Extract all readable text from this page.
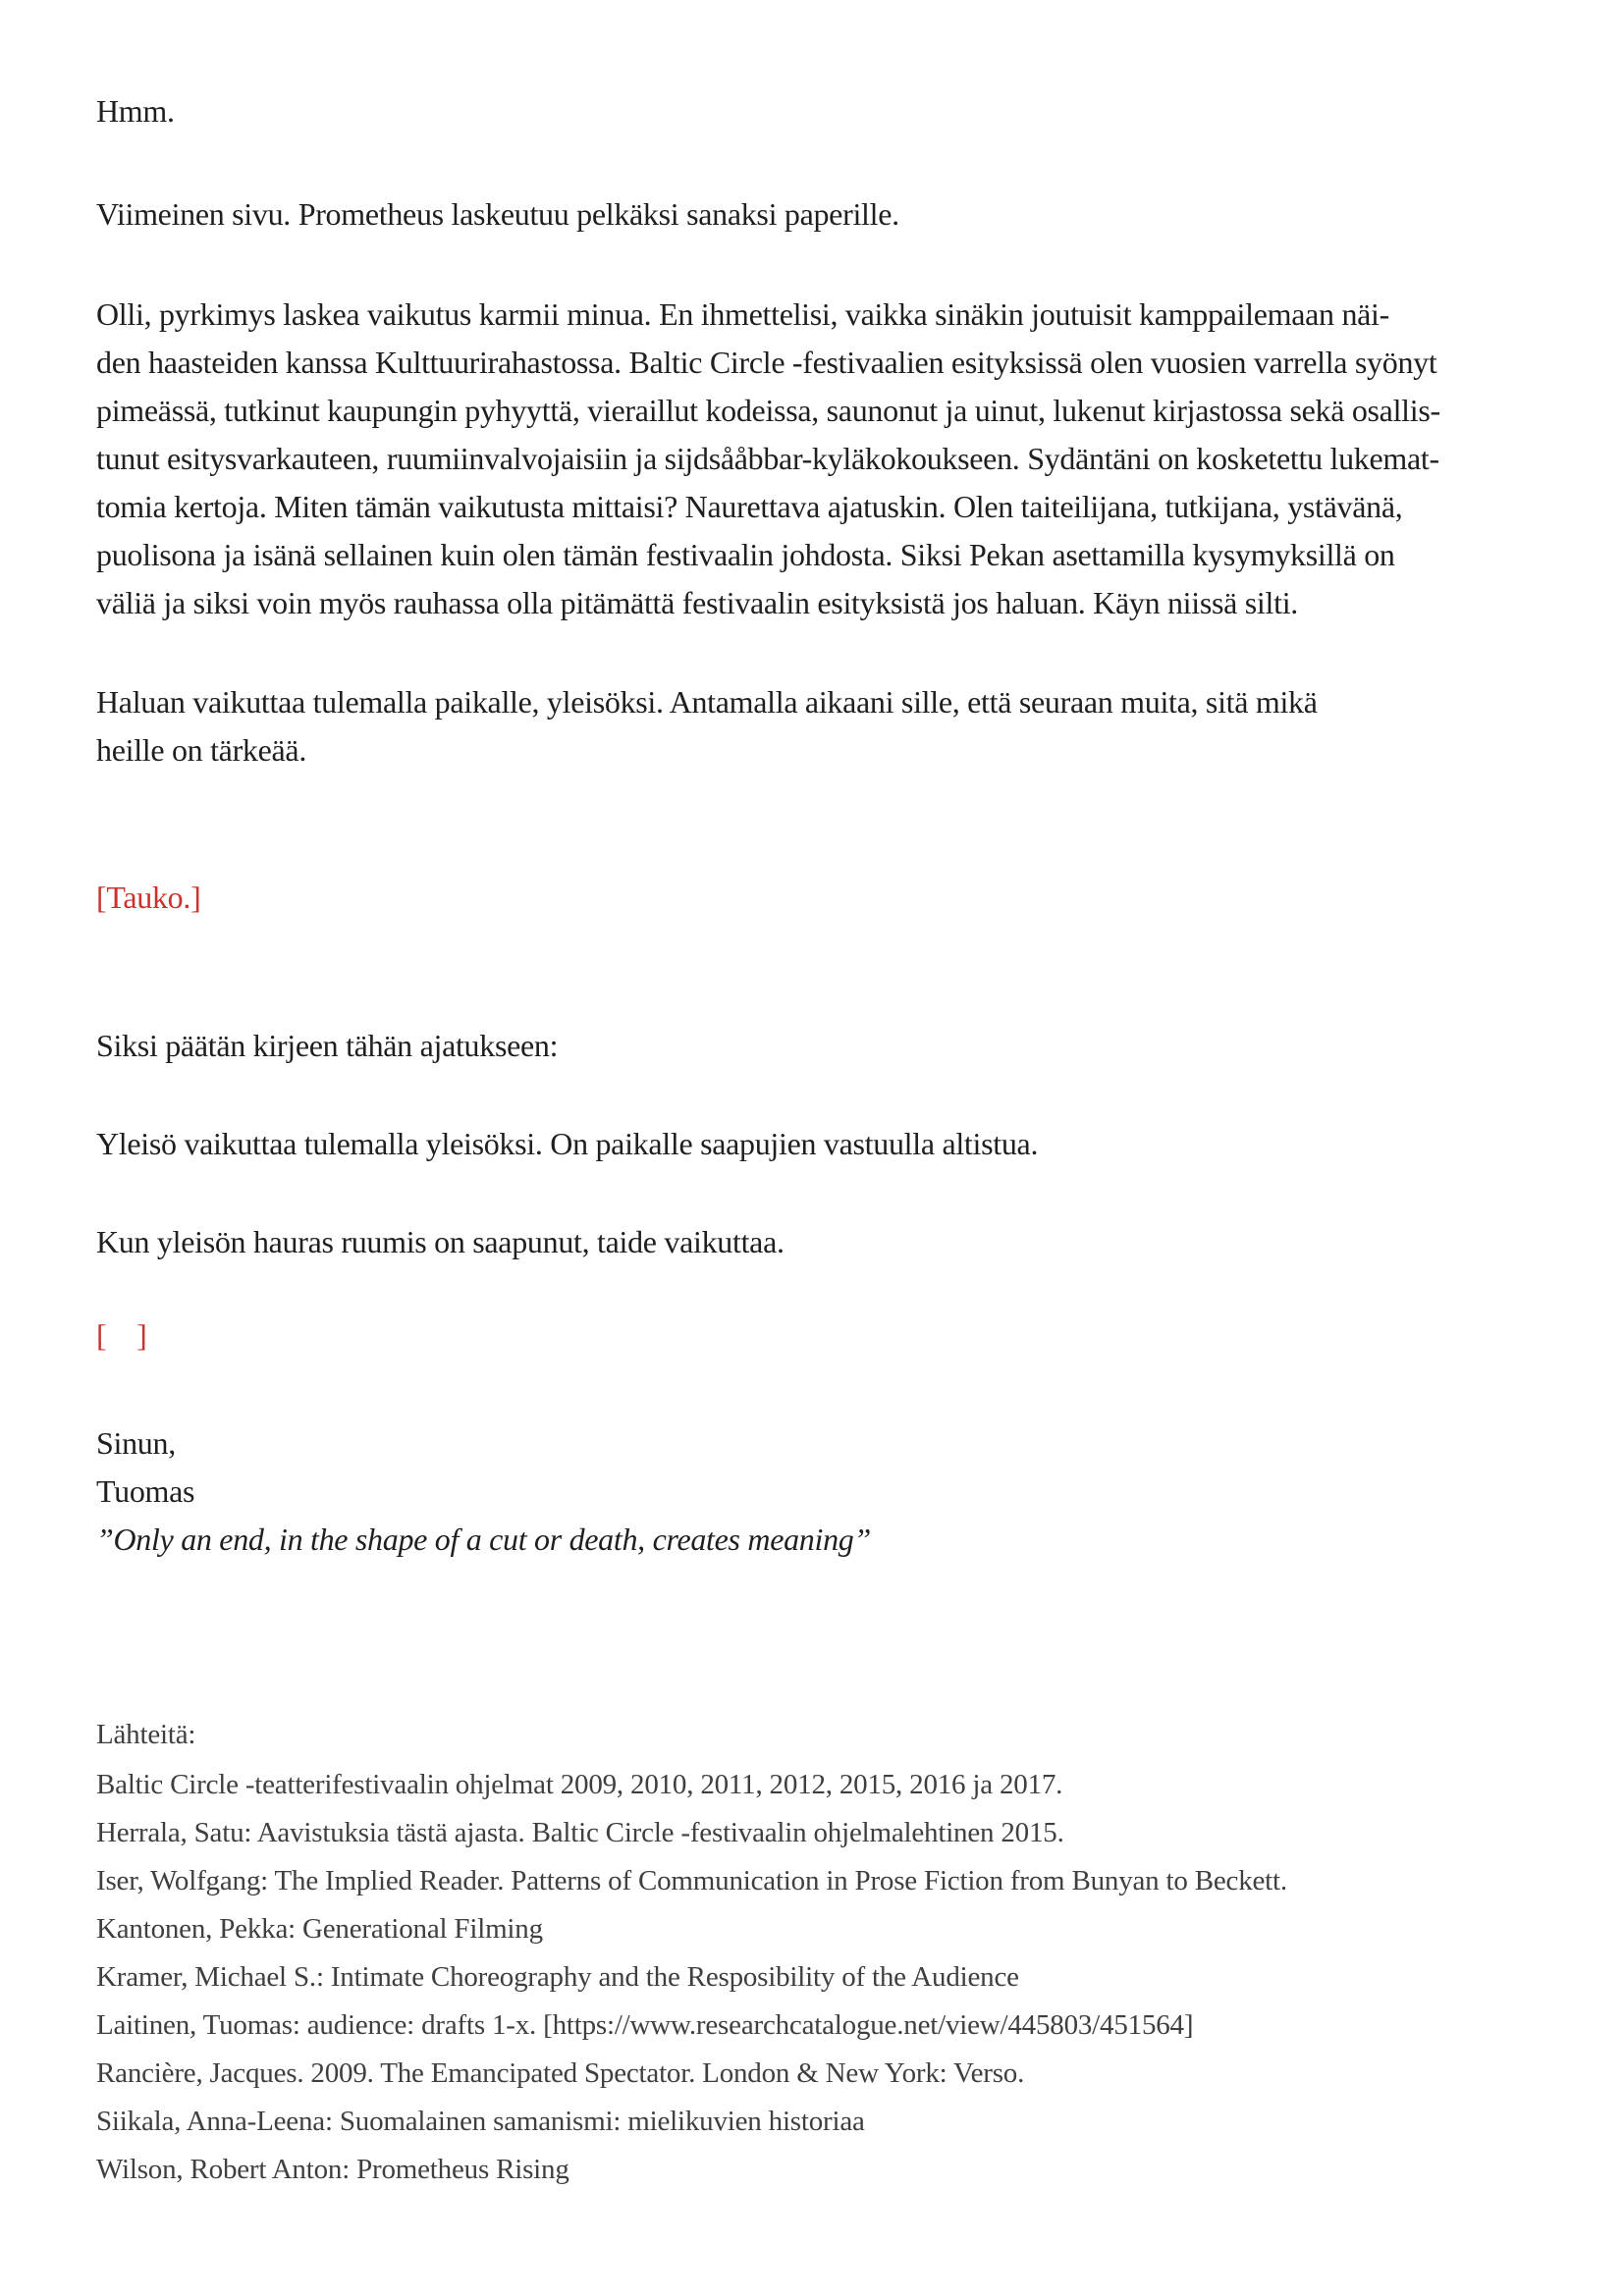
Hmm.

Viimeinen sivu. Prometheus laskeutuu pelkäksi sanaksi paperille.

Olli, pyrkimys laskea vaikutus karmii minua. En ihmettelisi, vaikka sinäkin joutuisit kamppailemaan näi-
den haasteiden kanssa Kulttuurirahastossa. Baltic Circle -festivaalien esityksissä olen vuosien varrella syönyt
pimeässä, tutkinut kaupungin pyhyyttä, vieraillut kodeissa, saunonut ja uinut, lukenut kirjastossa sekä osallis-
tunut esitysvarkauteen, ruumiinvalvojaisiin ja sijdsååbbar-kyläkokoukseen. Sydäntäni on kosketettu lukemat-
tomia kertoja. Miten tämän vaikutusta mittaisi? Naurettava ajatuskin. Olen taiteilijana, tutkijana, ystävänä,
puolisona ja isänä sellainen kuin olen tämän festivaalin johdosta. Siksi Pekan asettamilla kysymyksillä on
väliä ja siksi voin myös rauhassa olla pitämättä festivaalin esityksistä jos haluan. Käyn niissä silti.
Haluan vaikuttaa tulemalla paikalle, yleisöksi. Antamalla aikaani sille, että seuraan muita, sitä mikä
heille on tärkeää.

[Tauko.]

Siksi päätän kirjeen tähän ajatukseen:

Yleisö vaikuttaa tulemalla yleisöksi. On paikalle saapujien vastuulla altistua.

Kun yleisön hauras ruumis on saapunut, taide vaikuttaa.

[    ]

Sinun,
Tuomas
”Only an end, in the shape of a cut or death, creates meaning”

Lähteitä:

Baltic Circle -teatterifestivaalin ohjelmat 2009, 2010, 2011, 2012, 2015, 2016 ja 2017.
Herrala, Satu: Aavistuksia tästä ajasta. Baltic Circle -festivaalin ohjelmalehtinen 2015.
Iser, Wolfgang: The Implied Reader. Patterns of Communication in Prose Fiction from Bunyan to Beckett.
Kantonen, Pekka: Generational Filming
Kramer, Michael S.: Intimate Choreography and the Resposibility of the Audience
Laitinen, Tuomas: audience: drafts 1-x. [https://www.researchcatalogue.net/view/445803/451564]
Rancière, Jacques. 2009. The Emancipated Spectator. London & New York: Verso.
Siikala, Anna-Leena: Suomalainen samanismi: mielikuvien historiaa
Wilson, Robert Anton: Prometheus Rising
